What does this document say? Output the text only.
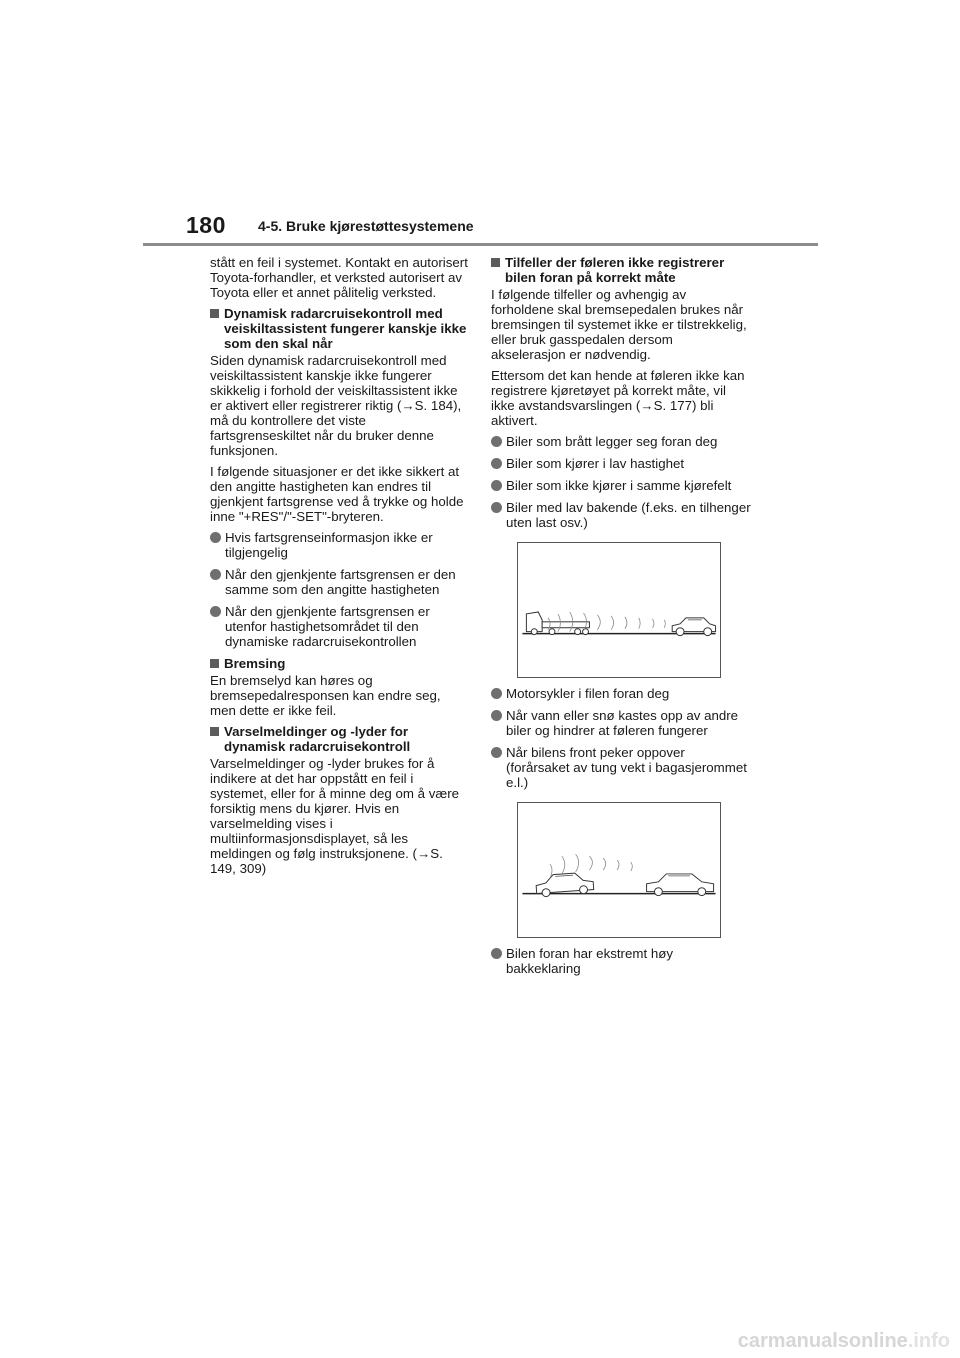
180 4-5. Bruke kjørestøttesystemene

stått en feil i systemet. Kontakt en autorisert Toyota-forhandler, et verksted autorisert av Toyota eller et annet pålitelig verksted.

Dynamisk radarcruisekontroll med veiskiltassistent fungerer kanskje ikke som den skal når

Siden dynamisk radarcruisekontroll med veiskiltassistent kanskje ikke fungerer skikkelig i forhold der veiskiltassistent ikke er aktivert eller registrerer riktig (→S. 184), må du kontrollere det viste fartsgrenseskiltet når du bruker denne funksjonen.

I følgende situasjoner er det ikke sikkert at den angitte hastigheten kan endres til gjenkjent fartsgrense ved å trykke og holde inne "+RES"/"-SET"-bryteren.

Hvis fartsgrenseinformasjon ikke er tilgjengelig
Når den gjenkjente fartsgrensen er den samme som den angitte hastigheten
Når den gjenkjente fartsgrensen er utenfor hastighetsområdet til den dynamiske radarcruisekontrollen
Bremsing

En bremselyd kan høres og bremsepedalresponsen kan endre seg, men dette er ikke feil.

Varselmeldinger og -lyder for dynamisk radarcruisekontroll

Varselmeldinger og -lyder brukes for å indikere at det har oppstått en feil i systemet, eller for å minne deg om å være forsiktig mens du kjører. Hvis en varselmelding vises i multiinformasjonsdisplayet, så les meldingen og følg instruksjonene. (→S. 149, 309)

Tilfeller der føleren ikke registrerer bilen foran på korrekt måte

I følgende tilfeller og avhengig av forholdene skal bremsepedalen brukes når bremsingen til systemet ikke er tilstrekkelig, eller bruk gasspedalen dersom akselerasjon er nødvendig.

Ettersom det kan hende at føleren ikke kan registrere kjøretøyet på korrekt måte, vil ikke avstandsvarslingen (→S. 177) bli aktivert.

Biler som brått legger seg foran deg
Biler som kjører i lav hastighet
Biler som ikke kjører i samme kjørefelt
Biler med lav bakende (f.eks. en tilhenger uten last osv.)
Motorsykler i filen foran deg
Når vann eller snø kastes opp av andre biler og hindrer at føleren fungerer
Når bilens front peker oppover (forårsaket av tung vekt i bagasjerommet e.l.)
Bilen foran har ekstremt høy bakkeklaring
carmanualsonline.info
